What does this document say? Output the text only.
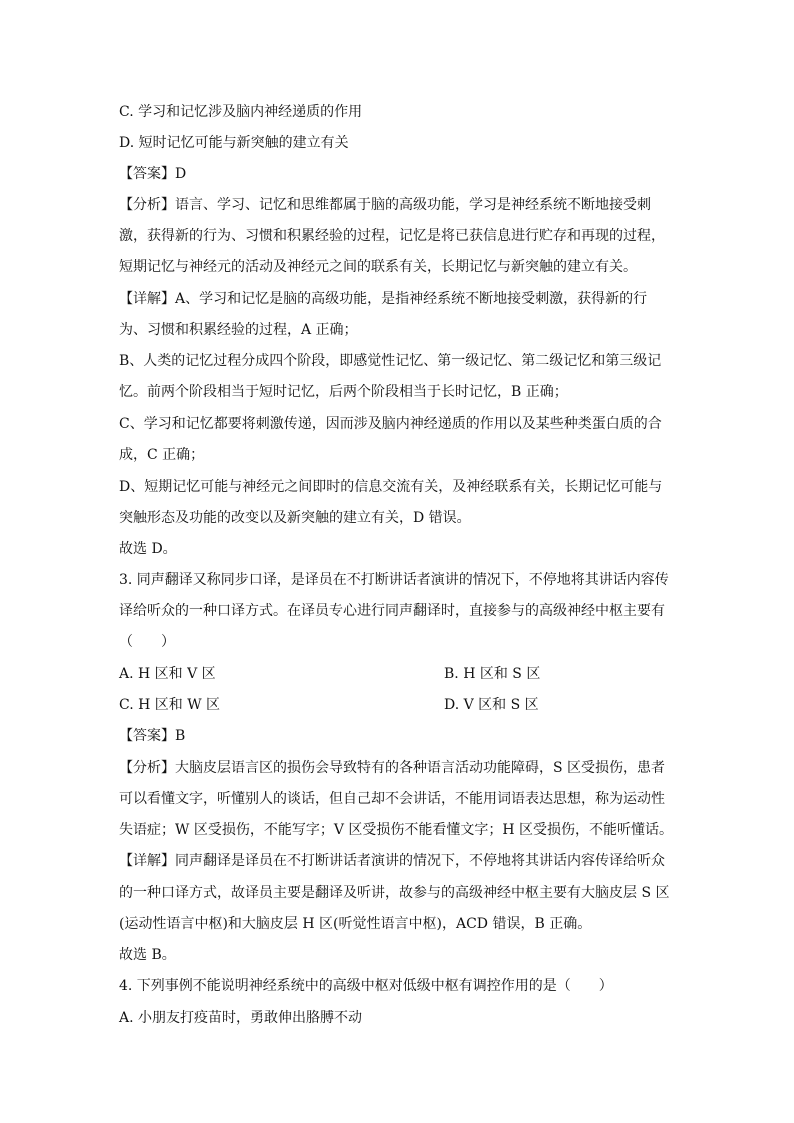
C. 学习和记忆涉及脑内神经递质的作用
D. 短时记忆可能与新突触的建立有关
【答案】D
【分析】语言、学习、记忆和思维都属于脑的高级功能，学习是神经系统不断地接受刺
激，获得新的行为、习惯和积累经验的过程，记忆是将已获信息进行贮存和再现的过程，
短期记忆与神经元的活动及神经元之间的联系有关，长期记忆与新突触的建立有关。
【详解】A、学习和记忆是脑的高级功能，是指神经系统不断地接受刺激，获得新的行
为、习惯和积累经验的过程，A 正确；
B、人类的记忆过程分成四个阶段，即感觉性记忆、第一级记忆、第二级记忆和第三级记
忆。前两个阶段相当于短时记忆，后两个阶段相当于长时记忆，B 正确；
C、学习和记忆都要将刺激传递，因而涉及脑内神经递质的作用以及某些种类蛋白质的合
成，C 正确；
D、短期记忆可能与神经元之间即时的信息交流有关，及神经联系有关，长期记忆可能与
突触形态及功能的改变以及新突触的建立有关，D 错误。
故选 D。
3. 同声翻译又称同步口译，是译员在不打断讲话者演讲的情况下，不停地将其讲话内容传
译给听众的一种口译方式。在译员专心进行同声翻译时，直接参与的高级神经中枢主要有
（　　）
A. H 区和 V 区	B. H 区和 S 区
C. H 区和 W 区	D. V 区和 S 区
【答案】B
【分析】大脑皮层语言区的损伤会导致特有的各种语言活动功能障碍，S 区受损伤，患者
可以看懂文字，听懂别人的谈话，但自己却不会讲话，不能用词语表达思想，称为运动性
失语症；W 区受损伤，不能写字；V 区受损伤不能看懂文字；H 区受损伤，不能听懂话。
【详解】同声翻译是译员在不打断讲话者演讲的情况下，不停地将其讲话内容传译给听众
的一种口译方式，故译员主要是翻译及听讲，故参与的高级神经中枢主要有大脑皮层 S 区
(运动性语言中枢)和大脑皮层 H 区(听觉性语言中枢)，ACD 错误，B 正确。
故选 B。
4. 下列事例不能说明神经系统中的高级中枢对低级中枢有调控作用的是（　　）
A. 小朋友打疫苗时，勇敢伸出胳膊不动
